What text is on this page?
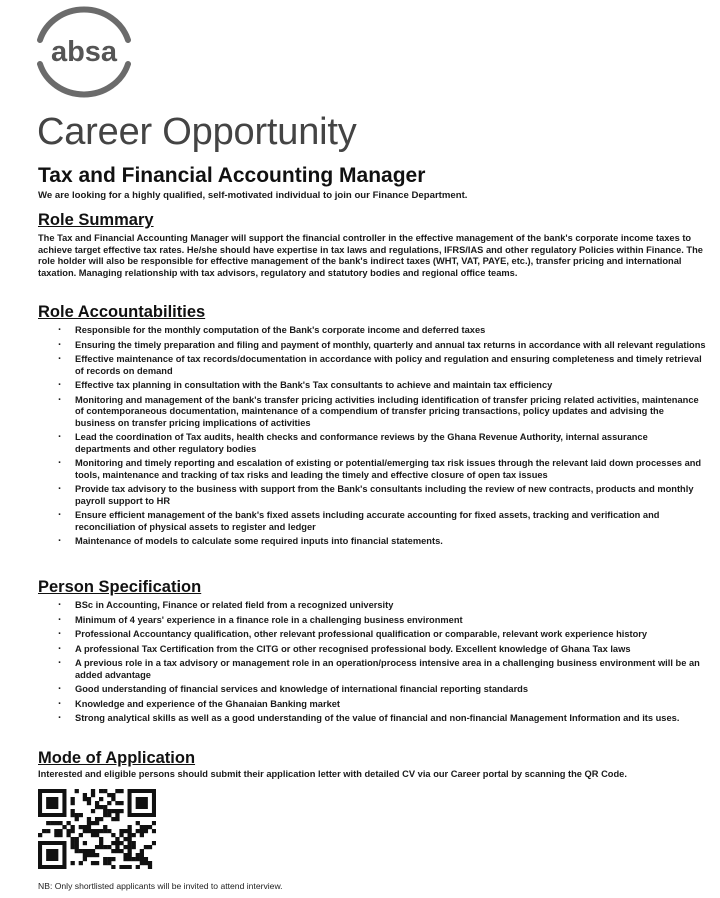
absa
Career Opportunity
Tax and Financial Accounting Manager

We are looking for a highly qualified, self-motivated individual to join our Finance Department.

Role Summary

The Tax and Financial Accounting Manager will support the financial controller in the effective management of the bank's corporate income taxes to achieve target effective tax rates. He/she should have expertise in tax laws and regulations, IFRS/IAS and other regulatory Policies within Finance. The role holder will also be responsible for effective management of the bank's indirect taxes (WHT, VAT, PAYE, etc.), transfer pricing and international taxation. Managing relationship with tax advisors, regulatory and statutory bodies and regional office teams.

Role Accountabilities
· Responsible for the monthly computation of the Bank's corporate income and deferred taxes
· Ensuring the timely preparation and filing and payment of monthly, quarterly and annual tax returns in accordance with all relevant regulations
· Effective maintenance of tax records/documentation in accordance with policy and regulation and ensuring completeness and timely retrieval of records on demand
· Effective tax planning in consultation with the Bank's Tax consultants to achieve and maintain tax efficiency
· Monitoring and management of the bank's transfer pricing activities including identification of transfer pricing related activities, maintenance of contemporaneous documentation, maintenance of a compendium of transfer pricing transactions, policy updates and advising the business on transfer pricing implications of activities
· Lead the coordination of Tax audits, health checks and conformance reviews by the Ghana Revenue Authority, internal assurance departments and other regulatory bodies
· Monitoring and timely reporting and escalation of existing or potential/emerging tax risk issues through the relevant laid down processes and tools, maintenance and tracking of tax risks and leading the timely and effective closure of open tax issues
· Provide tax advisory to the business with support from the Bank's consultants including the review of new contracts, products and monthly payroll support to HR
· Ensure efficient management of the bank's fixed assets including accurate accounting for fixed assets, tracking and verification and reconciliation of physical assets to register and ledger
· Maintenance of models to calculate some required inputs into financial statements.
Person Specification
· BSc in Accounting, Finance or related field from a recognized university
· Minimum of 4 years' experience in a finance role in a challenging business environment
· Professional Accountancy qualification, other relevant professional qualification or comparable, relevant work experience history
· A professional Tax Certification from the CITG or other recognised professional body. Excellent knowledge of Ghana Tax laws
· A previous role in a tax advisory or management role in an operation/process intensive area in a challenging business environment will be an added advantage
· Good understanding of financial services and knowledge of international financial reporting standards
· Knowledge and experience of the Ghanaian Banking market
· Strong analytical skills as well as a good understanding of the value of financial and non-financial Management Information and its uses.
Mode of Application

Interested and eligible persons should submit their application letter with detailed CV via our Career portal by scanning the QR Code.

NB: Only shortlisted applicants will be invited to attend interview.
